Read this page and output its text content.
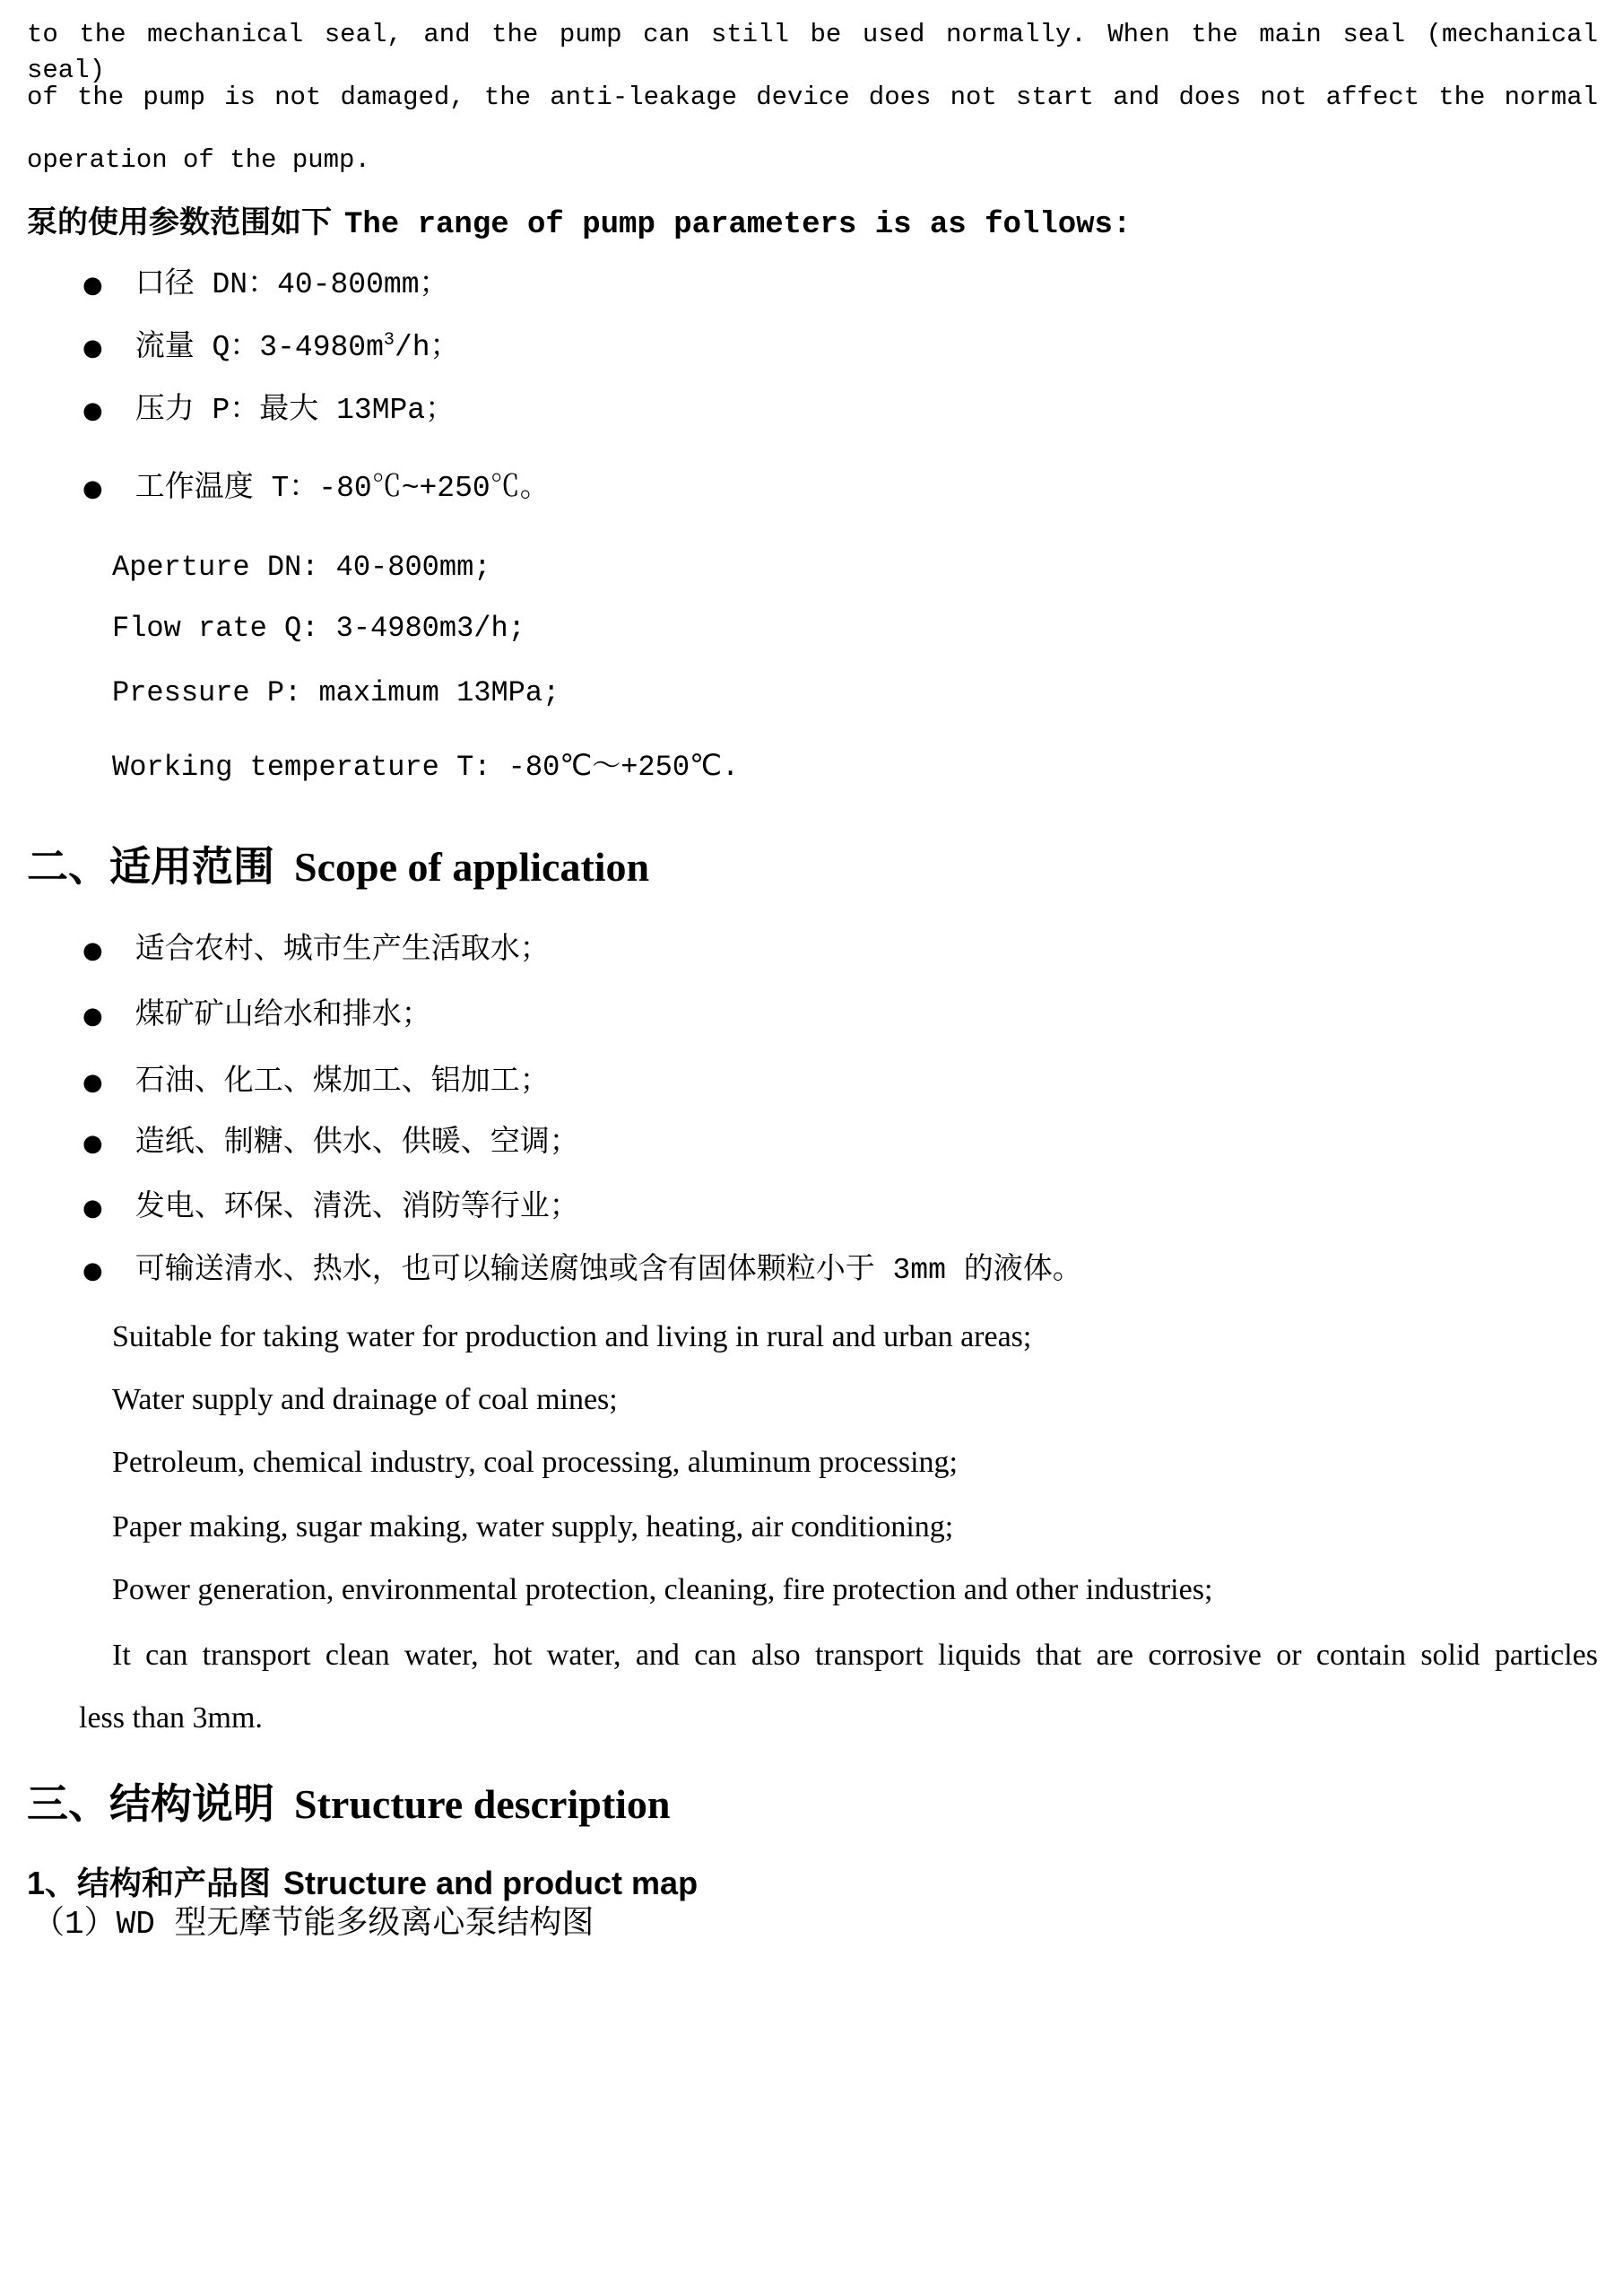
to the mechanical seal, and the pump can still be used normally. When the main seal (mechanical seal)
of the pump is not damaged, the anti-leakage device does not start and does not affect the normal
operation of the pump.
泵的使用参数范围如下 The range of pump parameters is as follows:
● 口径 DN：40-800mm；
● 流量 Q：$3-4980m^3/h$；
● 压力 P：最大 13MPa；
● 工作温度 T：-80℃~+250℃。
Aperture DN: 40-800mm;
Flow rate Q: 3-4980m3/h;
Pressure P: maximum 13MPa;
Working temperature T: -80℃～+250℃.
二、适用范围 Scope of application
● 适合农村、城市生产生活取水；
● 煤矿矿山给水和排水；
● 石油、化工、煤加工、铝加工；
● 造纸、制糖、供水、供暖、空调；
● 发电、环保、清洗、消防等行业；
● 可输送清水、热水，也可以输送腐蚀或含有固体颗粒小于 3mm 的液体。
Suitable for taking water for production and living in rural and urban areas;
Water supply and drainage of coal mines;
Petroleum, chemical industry, coal processing, aluminum processing;
Paper making, sugar making, water supply, heating, air conditioning;
Power generation, environmental protection, cleaning, fire protection and other industries;
It can transport clean water, hot water, and can also transport liquids that are corrosive or contain solid particles
less than 3mm.
三、结构说明 Structure description
1、结构和产品图 Structure and product map
（1）WD 型无摩节能多级离心泵结构图
